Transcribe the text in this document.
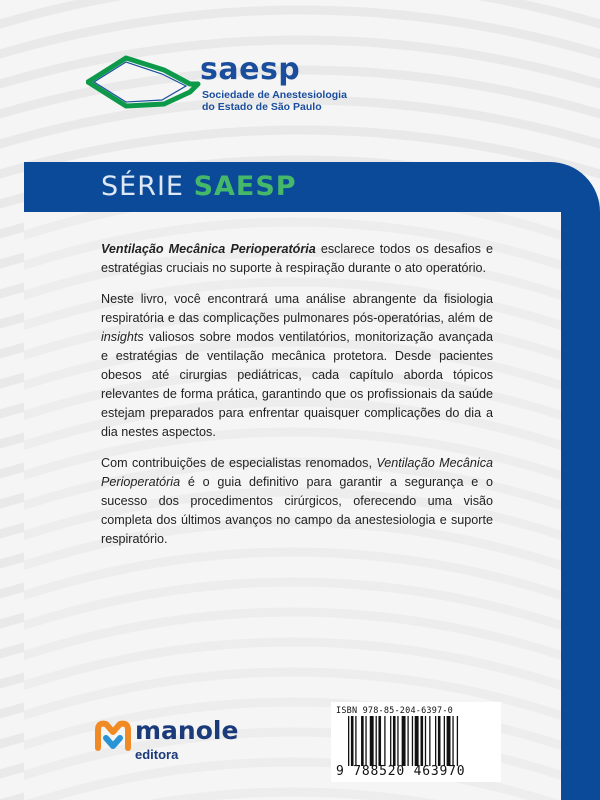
saesp
Sociedade de Anestesiologia
do Estado de São Paulo
SÉRIE SAESP

Ventilação Mecânica Perioperatória esclarece todos os desafios e estratégias cruciais no suporte à respiração durante o ato operatório.

Neste livro, você encontrará uma análise abrangente da fisiologia respiratória e das complicações pulmonares pós-operatórias, além de insights valiosos sobre modos ventilatórios, monitorização avançada e estratégias de ventilação mecânica protetora. Desde pacientes obesos até cirurgias pediátricas, cada capítulo aborda tópicos relevantes de forma prática, garantindo que os profissionais da saúde estejam preparados para enfrentar quaisquer complicações do dia a dia nestes aspectos.

Com contribuições de especialistas renomados, Ventilação Mecânica Perioperatória é o guia definitivo para garantir a segurança e o sucesso dos procedimentos cirúrgicos, oferecendo uma visão completa dos últimos avanços no campo da anestesiologia e suporte respiratório.

manole
editora
ISBN 978-85-204-6397-0
9 788520 463970
